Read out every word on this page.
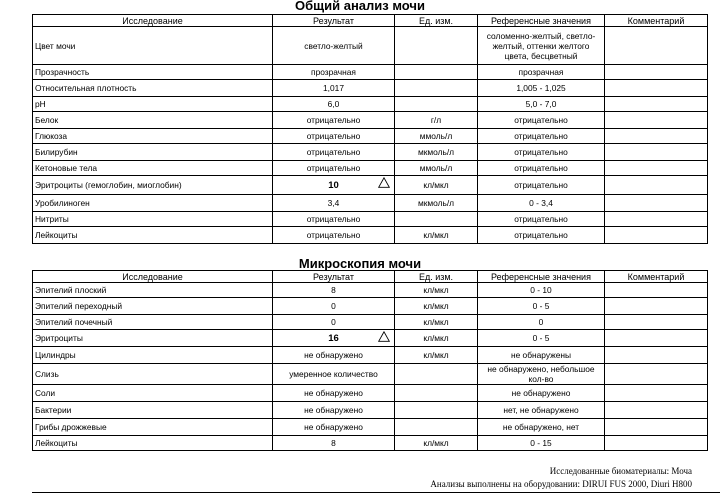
Общий анализ мочи
Исследование	Результат	Ед. изм.	Референсные значения	Комментарий
Цвет мочи	светло-желтый		соломенно-желтый, светло-желтый, оттенки желтого цвета, бесцветный	
Прозрачность	прозрачная		прозрачная	
Относительная плотность	1,017		1,005 - 1,025	
pH	6,0		5,0 - 7,0	
Белок	отрицательно	г/л	отрицательно	
Глюкоза	отрицательно	ммоль/л	отрицательно	
Билирубин	отрицательно	мкмоль/л	отрицательно	
Кетоновые тела	отрицательно	ммоль/л	отрицательно	
Эритроциты (гемоглобин, миоглобин)	10	кл/мкл	отрицательно	
Уробилиноген	3,4	мкмоль/л	0 - 3,4	
Нитриты	отрицательно		отрицательно	
Лейкоциты	отрицательно	кл/мкл	отрицательно	
Микроскопия мочи
Исследование	Результат	Ед. изм.	Референсные значения	Комментарий
Эпителий плоский	8	кл/мкл	0 - 10	
Эпителий переходный	0	кл/мкл	0 - 5	
Эпителий почечный	0	кл/мкл	0	
Эритроциты	16	кл/мкл	0 - 5	
Цилиндры	не обнаружено	кл/мкл	не обнаружены	
Слизь	умеренное количество		не обнаружено, небольшое кол-во	
Соли	не обнаружено		не обнаружено	
Бактерии	не обнаружено		нет, не обнаружено	
Грибы дрожжевые	не обнаружено		не обнаружено, нет	
Лейкоциты	8	кл/мкл	0 - 15	
Исследованные биоматериалы: Моча
Анализы выполнены на оборудовании: DIRUI FUS 2000, Diuri H800
